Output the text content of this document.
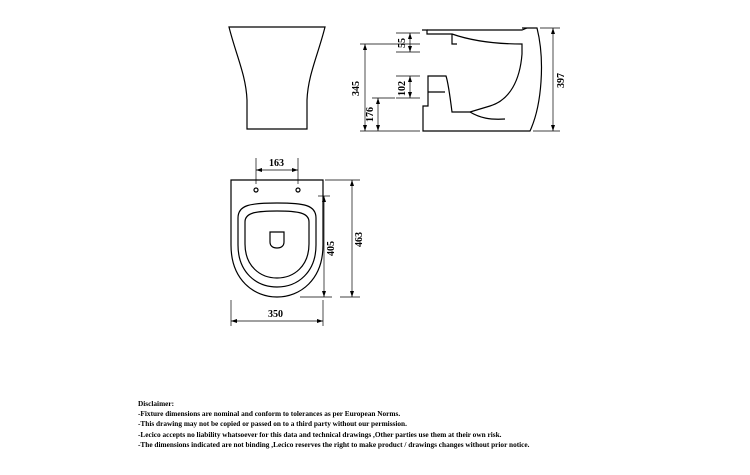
55
102
345
176
397
163
405
463
350
Disclaimer:
-Fixture dimensions are nominal and conform to tolerances as per European Norms.
-This drawing may not be copied or passed on to a third party without our permission.
-Lecico accepts no liability whatsoever for this data and technical drawings ,Other parties use them at their own risk.
-The dimensions indicated are not binding ,Lecico reserves the right to make product / drawings changes without prior notice.
